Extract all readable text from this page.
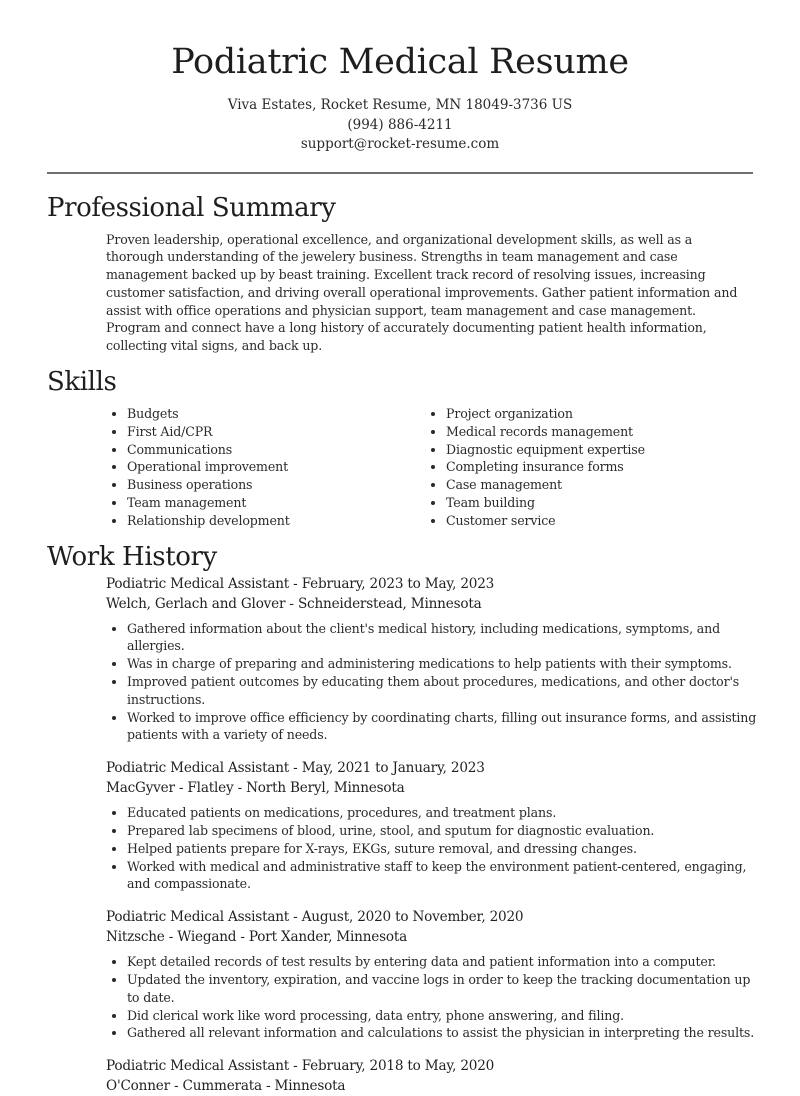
Podiatric Medical Resume
Viva Estates, Rocket Resume, MN 18049-3736 US
(994) 886-4211
support@rocket-resume.com
Professional Summary

Proven leadership, operational excellence, and organizational development skills, as well as a thorough understanding of the jewelery business. Strengths in team management and case management backed up by beast training. Excellent track record of resolving issues, increasing customer satisfaction, and driving overall operational improvements. Gather patient information and assist with office operations and physician support, team management and case management. Program and connect have a long history of accurately documenting patient health information, collecting vital signs, and back up.

Skills
• Budgets
• First Aid/CPR
• Communications
• Operational improvement
• Business operations
• Team management
• Relationship development
• Project organization
• Medical records management
• Diagnostic equipment expertise
• Completing insurance forms
• Case management
• Team building
• Customer service
Work History
Podiatric Medical Assistant - February, 2023 to May, 2023
Welch, Gerlach and Glover - Schneiderstead, Minnesota
• Gathered information about the client's medical history, including medications, symptoms, and allergies.
• Was in charge of preparing and administering medications to help patients with their symptoms.
• Improved patient outcomes by educating them about procedures, medications, and other doctor's instructions.
• Worked to improve office efficiency by coordinating charts, filling out insurance forms, and assisting patients with a variety of needs.
Podiatric Medical Assistant - May, 2021 to January, 2023
MacGyver - Flatley - North Beryl, Minnesota
• Educated patients on medications, procedures, and treatment plans.
• Prepared lab specimens of blood, urine, stool, and sputum for diagnostic evaluation.
• Helped patients prepare for X-rays, EKGs, suture removal, and dressing changes.
• Worked with medical and administrative staff to keep the environment patient-centered, engaging, and compassionate.
Podiatric Medical Assistant - August, 2020 to November, 2020
Nitzsche - Wiegand - Port Xander, Minnesota
• Kept detailed records of test results by entering data and patient information into a computer.
• Updated the inventory, expiration, and vaccine logs in order to keep the tracking documentation up to date.
• Did clerical work like word processing, data entry, phone answering, and filing.
• Gathered all relevant information and calculations to assist the physician in interpreting the results.
Podiatric Medical Assistant - February, 2018 to May, 2020
O'Conner - Cummerata - Minnesota
